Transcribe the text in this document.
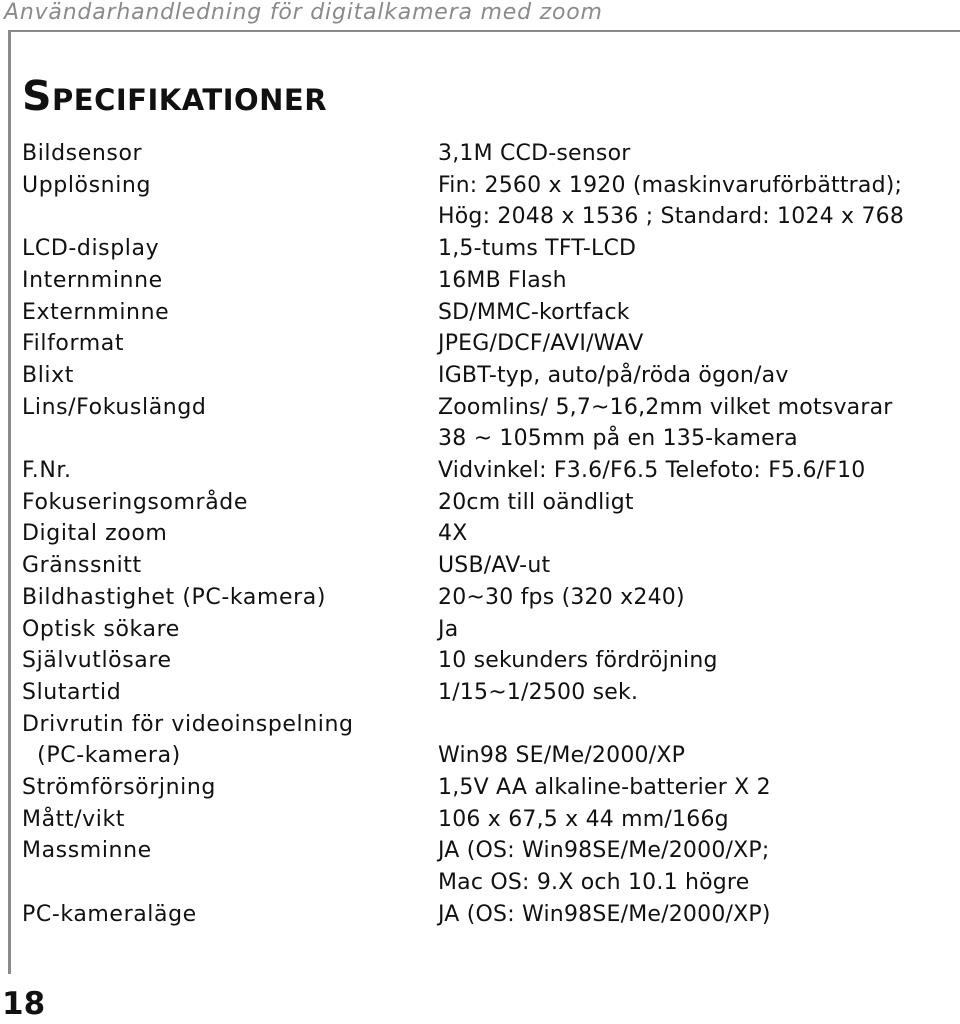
Användarhandledning för digitalkamera med zoom
Specifikationer
Bildsensor	3,1M CCD-sensor
Upplösning	Fin: 2560 x 1920 (maskinvaruförbättrad);
Hög: 2048 x 1536 ; Standard: 1024 x 768
LCD-display	1,5-tums TFT-LCD
Internminne	16MB Flash
Externminne	SD/MMC-kortfack
Filformat	JPEG/DCF/AVI/WAV
Blixt	IGBT-typ, auto/på/röda ögon/av
Lins/Fokuslängd	Zoomlins/ 5,7~16,2mm vilket motsvarar
38 ~ 105mm på en 135-kamera
F.Nr.	Vidvinkel: F3.6/F6.5 Telefoto: F5.6/F10
Fokuseringsområde	20cm till oändligt
Digital zoom	4X
Gränssnitt	USB/AV-ut
Bildhastighet (PC-kamera)	20~30 fps (320 x240)
Optisk sökare	Ja
Självutlösare	10 sekunders fördröjning
Slutartid	1/15~1/2500 sek.
Drivrutin för videoinspelning
(PC-kamera)	Win98 SE/Me/2000/XP
Strömförsörjning	1,5V AA alkaline-batterier X 2
Mått/vikt	106 x 67,5 x 44 mm/166g
Massminne	JA (OS: Win98SE/Me/2000/XP;
Mac OS: 9.X och 10.1 högre
PC-kameraläge	JA (OS: Win98SE/Me/2000/XP)
18
